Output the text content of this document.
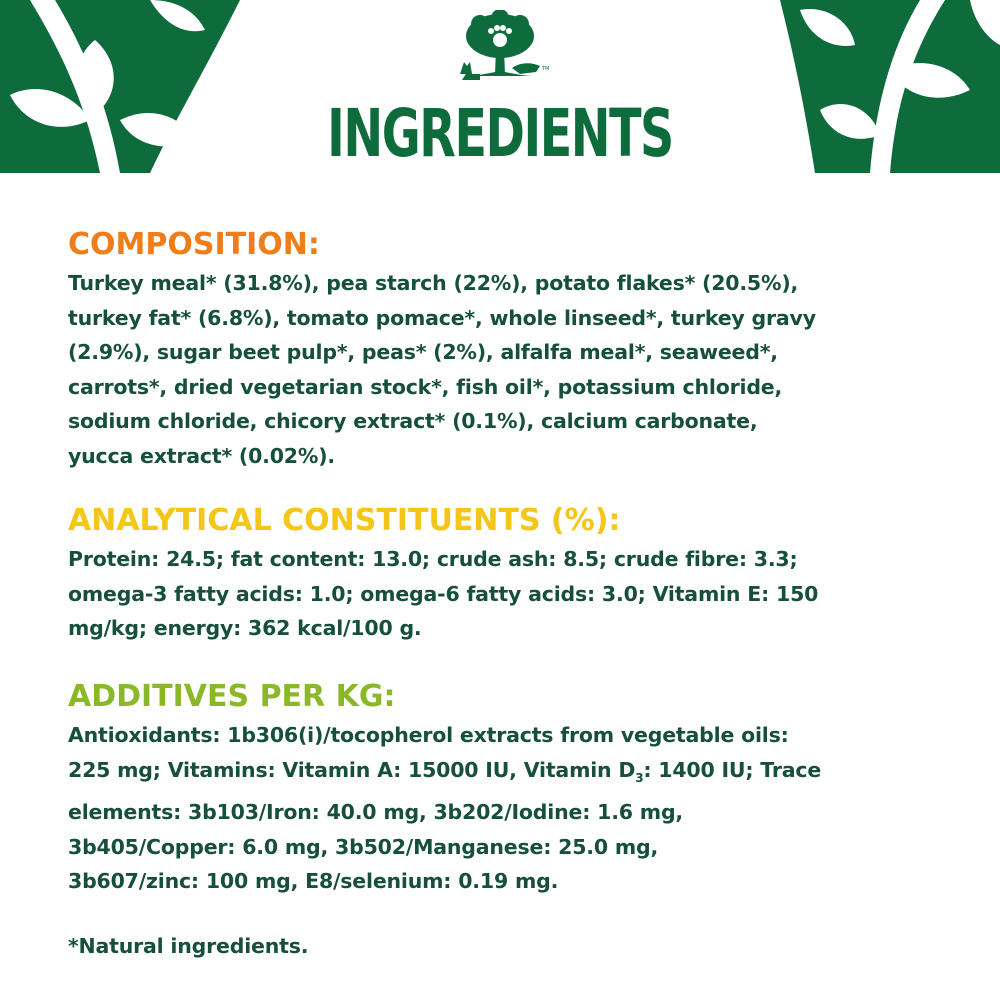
TM
INGREDIENTS
COMPOSITION:

Turkey meal* (31.8%), pea starch (22%), potato flakes* (20.5%),
turkey fat* (6.8%), tomato pomace*, whole linseed*, turkey gravy
(2.9%), sugar beet pulp*, peas* (2%), alfalfa meal*, seaweed*,
carrots*, dried vegetarian stock*, fish oil*, potassium chloride,
sodium chloride, chicory extract* (0.1%), calcium carbonate,
yucca extract* (0.02%).

ANALYTICAL CONSTITUENTS (%):

Protein: 24.5; fat content: 13.0; crude ash: 8.5; crude fibre: 3.3;
omega-3 fatty acids: 1.0; omega-6 fatty acids: 3.0; Vitamin E: 150
mg/kg; energy: 362 kcal/100 g.

ADDITIVES PER KG:

Antioxidants: 1b306(i)/tocopherol extracts from vegetable oils:
225 mg; Vitamins: Vitamin A: 15000 IU, Vitamin $D_3$: 1400 IU; Trace
elements: 3b103/Iron: 40.0 mg, 3b202/Iodine: 1.6 mg,
3b405/Copper: 6.0 mg, 3b502/Manganese: 25.0 mg,
3b607/zinc: 100 mg, E8/selenium: 0.19 mg.

*Natural ingredients.
